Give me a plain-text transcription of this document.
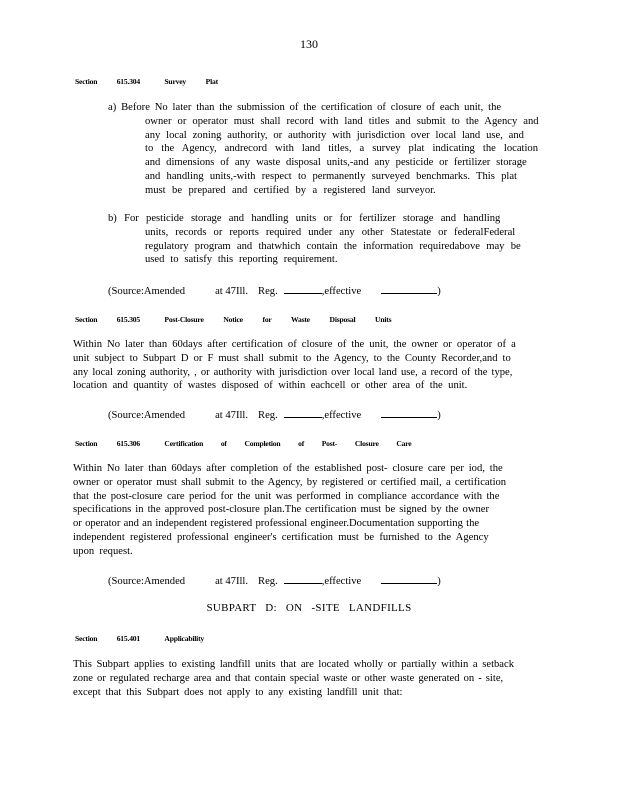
130
Section	615.304	Survey Plat
a) Before No later than the submission of the certification of closure of each unit, the
owner or operator must shall record with land titles and submit to the Agency and
any local zoning authority, or authority with jurisdiction over local land use, and
to the Agency, andrecord with land titles, a survey plat indicating the location
and dimensions of any waste disposal units,-and any pesticide or fertilizer storage
and handling units,-with respect to permanently surveyed benchmarks. This plat
must be prepared and certified by a registered land surveyor.
b) For pesticide storage and handling units or for fertilizer storage and handling
units, records or reports required under any other Statestate or federalFederal
regulatory program and thatwhich contain the information requiredabove may be
used to satisfy this reporting requirement.
(Source:Amended	at 47Ill. Reg.	,effective	)
Section	615.305	Post-Closure Notice for Waste Disposal Units
Within No later than 60days after certification of closure of the unit, the owner or operator of a
unit subject to Subpart D or F must shall submit to the Agency, to the County Recorder,and to
any local zoning authority, , or authority with jurisdiction over local land use, a record of the type,
location and quantity of wastes disposed of within eachcell or other area of the unit.
(Source:Amended	at 47Ill. Reg.	,effective	)
Section	615.306	Certification of Completion of Post- Closure Care
Within No later than 60days after completion of the established post- closure care per iod, the
owner or operator must shall submit to the Agency, by registered or certified mail, a certification
that the post-closure care period for the unit was performed in compliance accordance with the
specifications in the approved post-closure plan.The certification must be signed by the owner
or operator and an independent registered professional engineer.Documentation supporting the
independent registered professional engineer's certification must be furnished to the Agency
upon request.
(Source:Amended	at 47Ill. Reg.	,effective	)
SUBPART D: ON -SITE LANDFILLS
Section	615.401	Applicability
This Subpart applies to existing landfill units that are located wholly or partially within a setback
zone or regulated recharge area and that contain special waste or other waste generated on - site,
except that this Subpart does not apply to any existing landfill unit that:
